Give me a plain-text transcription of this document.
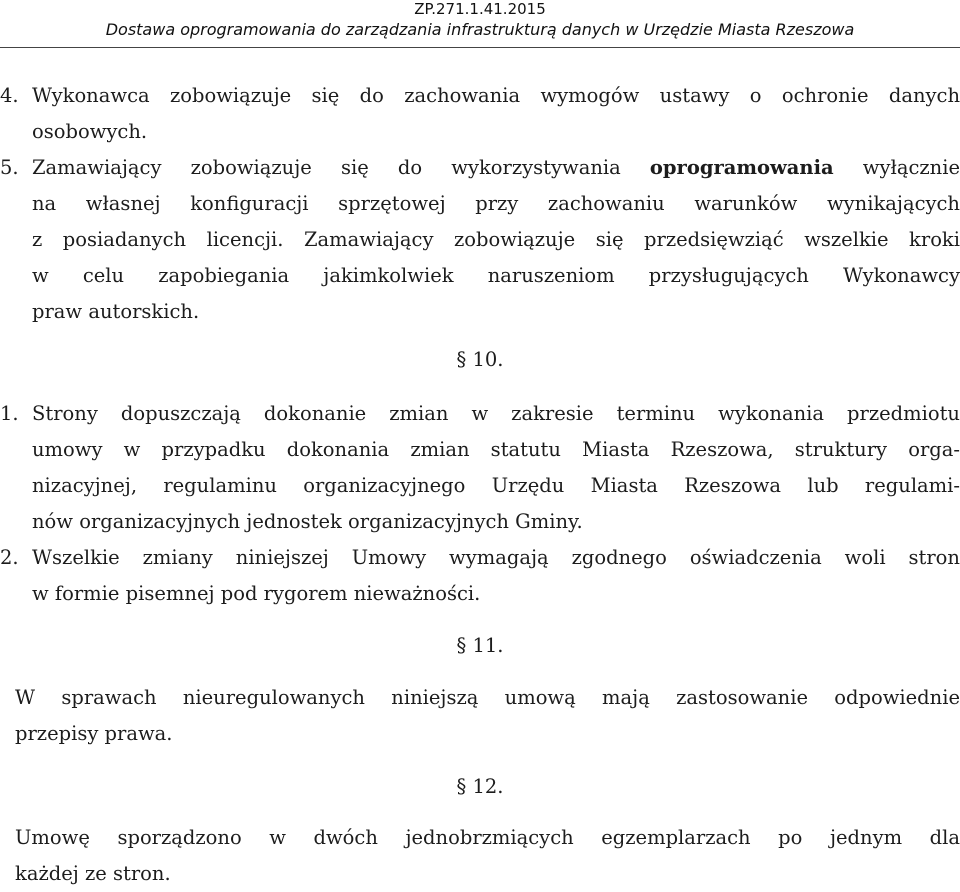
ZP.271.1.41.2015
Dostawa oprogramowania do zarządzania infrastrukturą danych w Urzędzie Miasta Rzeszowa
4. Wykonawca zobowiązuje się do zachowania wymogów ustawy o ochronie danych
osobowych.
5. Zamawiający zobowiązuje się do wykorzystywania oprogramowania wyłącznie
na własnej konfiguracji sprzętowej przy zachowaniu warunków wynikających
z posiadanych licencji. Zamawiający zobowiązuje się przedsięwziąć wszelkie kroki
w celu zapobiegania jakimkolwiek naruszeniom przysługujących Wykonawcy
praw autorskich.
§ 10.
1. Strony dopuszczają dokonanie zmian w zakresie terminu wykonania przedmiotu
umowy w przypadku dokonania zmian statutu Miasta Rzeszowa, struktury orga-
nizacyjnej, regulaminu organizacyjnego Urzędu Miasta Rzeszowa lub regulami-
nów organizacyjnych jednostek organizacyjnych Gminy.
2. Wszelkie zmiany niniejszej Umowy wymagają zgodnego oświadczenia woli stron
w formie pisemnej pod rygorem nieważności.
§ 11.
W sprawach nieuregulowanych niniejszą umową mają zastosowanie odpowiednie
przepisy prawa.
§ 12.
Umowę sporządzono w dwóch jednobrzmiących egzemplarzach po jednym dla
każdej ze stron.
